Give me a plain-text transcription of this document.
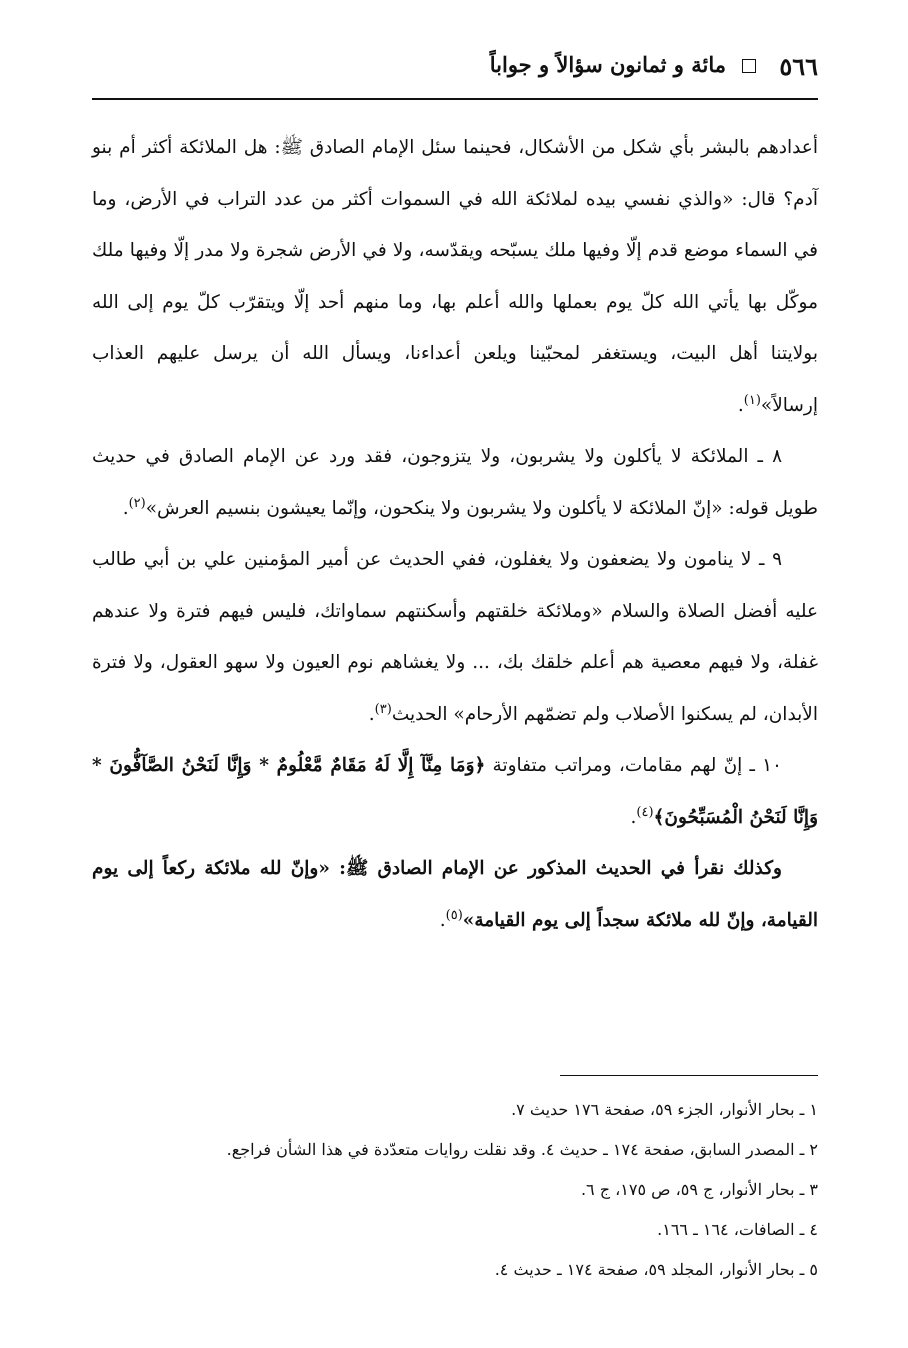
٥٦٦
مائة و ثمانون سؤالاً و جواباً

أعدادهم بالبشر بأي شكل من الأشكال، فحينما سئل الإمام الصادق ﷺ: هل الملائكة أكثر أم بنو آدم؟ قال: «والذي نفسي بيده لملائكة الله في السموات أكثر من عدد التراب في الأرض، وما في السماء موضع قدم إلّا وفيها ملك يسبّحه ويقدّسه، ولا في الأرض شجرة ولا مدر إلّا وفيها ملك موكّل بها يأتي الله كلّ يوم بعملها والله أعلم بها، وما منهم أحد إلّا ويتقرّب كلّ يوم إلى الله بولايتنا أهل البيت، ويستغفر لمحبّينا ويلعن أعداءنا، ويسأل الله أن يرسل عليهم العذاب إرسالاً»$^{(١)}$.

٨ ـ الملائكة لا يأكلون ولا يشربون، ولا يتزوجون، فقد ورد عن الإمام الصادق في حديث طويل قوله: «إنّ الملائكة لا يأكلون ولا يشربون ولا ينكحون، وإنّما يعيشون بنسيم العرش»$^{(٢)}$.

٩ ـ لا ينامون ولا يضعفون ولا يغفلون، ففي الحديث عن أمير المؤمنين علي بن أبي طالب عليه أفضل الصلاة والسلام «وملائكة خلقتهم وأسكنتهم سماواتك، فليس فيهم فترة ولا عندهم غفلة، ولا فيهم معصية هم أعلم خلقك بك، ... ولا يغشاهم نوم العيون ولا سهو العقول، ولا فترة الأبدان، لم يسكنوا الأصلاب ولم تضمّهم الأرحام» الحديث$^{(٣)}$.

١٠ ـ إنّ لهم مقامات، ومراتب متفاوتة ﴿وَمَا مِنَّآ إِلَّا لَهُ مَقَامٌ مَّعْلُومٌ * وَإِنَّا لَنَحْنُ الصَّآفُّونَ * وَإِنَّا لَنَحْنُ الْمُسَبِّحُونَ﴾$^{(٤)}$.

وكذلك نقرأ في الحديث المذكور عن الإمام الصادق ﷺ: «وإنّ لله ملائكة ركعاً إلى يوم القيامة، وإنّ لله ملائكة سجداً إلى يوم القيامة»$^{(٥)}$.

١ ـ بحار الأنوار، الجزء ٥٩، صفحة ١٧٦ حديث ٧.
٢ ـ المصدر السابق، صفحة ١٧٤ ـ حديث ٤. وقد نقلت روايات متعدّدة في هذا الشأن فراجع.
٣ ـ بحار الأنوار، ج ٥٩، ص ١٧٥، ج ٦.
٤ ـ الصافات، ١٦٤ ـ ١٦٦.
٥ ـ بحار الأنوار، المجلد ٥٩، صفحة ١٧٤ ـ حديث ٤.
